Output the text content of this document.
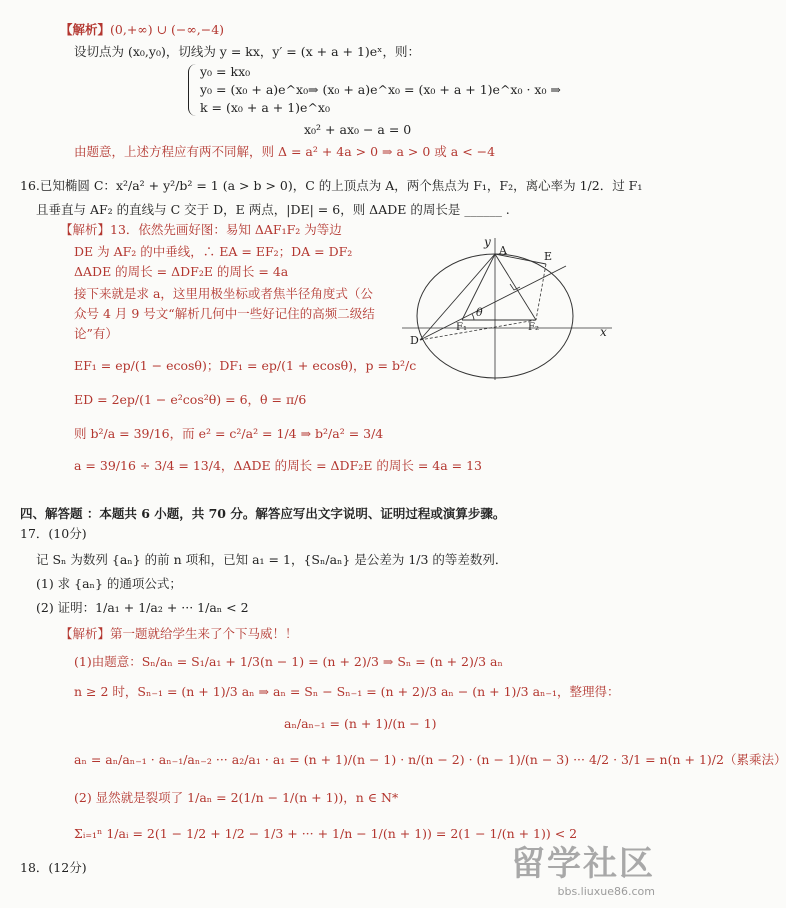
【解析】(0,+∞) ∪ (−∞,−4)
设切点为 (x₀,y₀)，切线为 y = kx，y′ = (x + a + 1)eˣ，则：
y₀ = kx₀
y₀ = (x₀ + a)e^x₀
k = (x₀ + a + 1)e^x₀
⇒ (x₀ + a)e^x₀ = (x₀ + a + 1)e^x₀ · x₀ ⇒
x₀² + ax₀ − a = 0
由题意，上述方程应有两不同解，则 Δ = a² + 4a > 0 ⇒ a > 0 或 a < −4
16.已知椭圆 C：x²/a² + y²/b² = 1 (a > b > 0)，C 的上顶点为 A，两个焦点为 F₁，F₂，离心率为 1/2．过 F₁
且垂直与 AF₂ 的直线与 C 交于 D，E 两点，|DE| = 6，则 ΔADE 的周长是 ______ .
【解析】13．依然先画好图：易知 ΔAF₁F₂ 为等边
DE 为 AF₂ 的中垂线，∴ EA = EF₂；DA = DF₂
ΔADE 的周长 = ΔDF₂E 的周长 = 4a
接下来就是求 a，这里用极坐标或者焦半径角度式（公
众号 4 月 9 号文“解析几何中一些好记住的高频二级结
论”有）
EF₁ = ep/(1 − ecosθ)；DF₁ = ep/(1 + ecosθ)，p = b²/c
ED = 2ep/(1 − e²cos²θ) = 6，θ = π/6
则 b²/a = 39/16，而 e² = c²/a² = 1/4 ⇒ b²/a² = 3/4
a = 39/16 ÷ 3/4 = 13/4，ΔADE 的周长 = ΔDF₂E 的周长 = 4a = 13
y
A	E
F₁	F₂
D
θ
x
四、解答题 ：本题共 6 小题，共 70 分。解答应写出文字说明、证明过程或演算步骤。
17．(10分)
记 Sₙ 为数列 {aₙ} 的前 n 项和，已知 a₁ = 1，{Sₙ/aₙ} 是公差为 1/3 的等差数列．
(1) 求 {aₙ} 的通项公式；
(2) 证明：1/a₁ + 1/a₂ + ··· 1/aₙ < 2
【解析】第一题就给学生来了个下马威！！
(1)由题意：Sₙ/aₙ = S₁/a₁ + 1/3(n − 1) = (n + 2)/3 ⇒ Sₙ = (n + 2)/3 aₙ
n ≥ 2 时，Sₙ₋₁ = (n + 1)/3 aₙ ⇒ aₙ = Sₙ − Sₙ₋₁ = (n + 2)/3 aₙ − (n + 1)/3 aₙ₋₁，整理得：
aₙ/aₙ₋₁ = (n + 1)/(n − 1)
aₙ = aₙ/aₙ₋₁ · aₙ₋₁/aₙ₋₂ ··· a₂/a₁ · a₁ = (n + 1)/(n − 1) · n/(n − 2) · (n − 1)/(n − 3) ··· 4/2 · 3/1 = n(n + 1)/2（累乘法）
(2) 显然就是裂项了 1/aₙ = 2(1/n − 1/(n + 1))，n ∈ N*
Σᵢ₌₁ⁿ 1/aᵢ = 2(1 − 1/2 + 1/2 − 1/3 + ··· + 1/n − 1/(n + 1)) = 2(1 − 1/(n + 1)) < 2
18．(12分)	留学社区
bbs.liuxue86.com
